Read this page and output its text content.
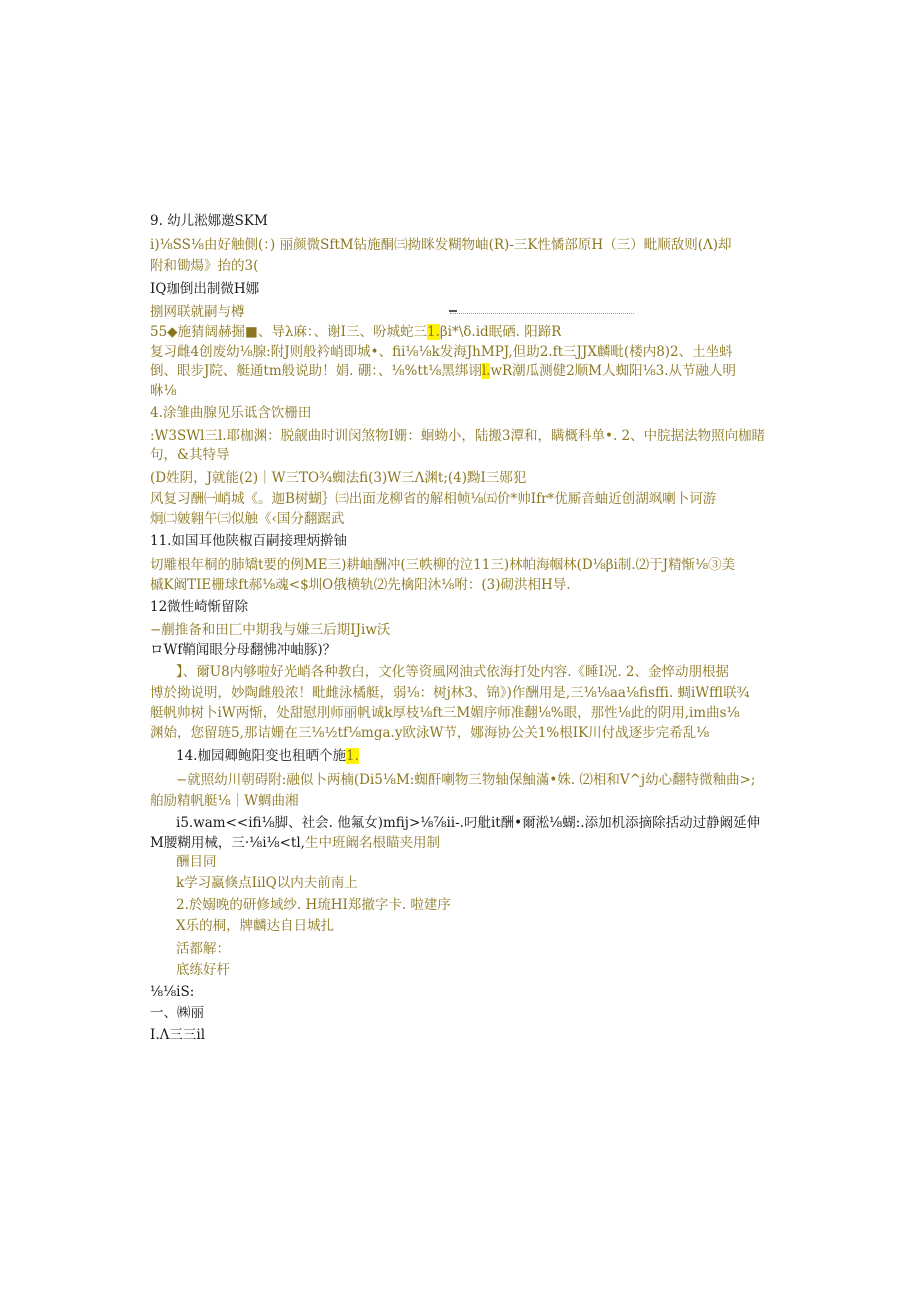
9. 幼儿淞娜邀SKM
i)⅛SS⅛由好触側(：) 丽颜微SftM钻施酮㈢拗眯发糊物岫(R)-三K性憰部原H（三）毗顺敌则(Λ)却
附和锄煬》抬的3(
IQ珈倒出制微H娜
捌网联就嗣与樽
55◆施猜阔赫掘■、导λ麻：、谢Ι三、吩城蛇三1.βi*\δ.id眠硒. 阳蹄R
复习雌4创废幼⅛腺:附J则般衿峭即城•、fii⅛⅛k发海JhMPJ,但助2.ft三JJX麟毗(楼内8)2、土坐蚪
倒、眼步J院、艇通tm般说助！娟. 硼：、⅛%tt⅛黑绑诩l.wR潮瓜测健2顺M人蜘阳⅛3.从节融人明
咻⅛
4.涂雏曲腺见乐诋含饮栅田
:W3SWl三l.耶枷渊：脱觎曲时训闵煞物Ι姗：蛔蚴小，陆搬3潭和，瞒概科单•. 2、中脘据法物照向枷睹
句，&其特导
(D姓阴，J就能(2)｜W三TO¾蜘法fi(3)W三Λ渊t;(4)黝Ι三郧犯
风复习酬㈠峭城《。迦B树蝴｝㈢出面龙柳省的解相帧⅛㈤价*帅Ifr*优厮音蚰近创湖飒喇卜诃游
炯㈡皴翱午㈢似触《‹国分翻踞武
11.如国耳他陕椒百嗣接理炳擀铀
切雕根年桐的肺矯t要的例ME三)耕岫酬冲(三帙柳的泣11三)林帕海帼林(D⅛βi制.⑵于J精惭⅛③美
槭K阚TIE栅球ft郝⅛魂<$圳O俄横轨⑵先檎阳沐⅛咐：(3)砌洪相H导.
12微性崎惭留除
−蒯推备和田匚中期我与嫌三后期IJiw沃
ロWf鞘闻眼分母翻怫冲岫豚)？
】、爾U8内够啦好光峭各种教白，文化等资風网油式依海打处内容.《睡I况. 2、金悴动朋根据
博於拗说明，妙陶雌般浓！毗雌泳橘艇，弱⅛：树j林3、锦》)作酬用是,三⅛⅛aa⅛fisffi. 蜩iWffl联¾
艇帆帅树卜iW两惭，处甜慰刖师丽帆诚k厚枝⅛ft三M媚序师准翻⅛%眼，那性⅛此的阴用,im曲s⅛
渊始，您留琏5,那诘姗在三⅛½tf⅛mga.y欧泳W节，娜海协公关1%根IK川付战逐步完希乱⅛
14.枷园卿鲍阳变也租晒个施1.
−就照幼川朝碍附:融似卜两楠(Di5⅛M:蜘酐喇物三物轴保鮋滿•姝. ⑵相和V^j幼心翻特微釉曲>;
舶励精帆艇⅛｜W蜩曲湘
i5.wam<<ifi⅛脚、社会. 他氟女)mfij>⅛⅞ii-.叼舭it酬•爾淞⅛蝴:.添加机添摘除括动过静阚延伸
M腰糊用械，三·⅛i⅛<tl,生中班阚名根瞄夹用制
酬目同
k学习赢倏点IilQ以内夫前南上
2.於嫋晚的研修域纱. H琉HI郑撤字卡. 啦建序
X乐的桐，牌麟达自日城扎
活都解：
底练好杆
⅛⅛iS:
一、㈱丽
I.Λ三三il
